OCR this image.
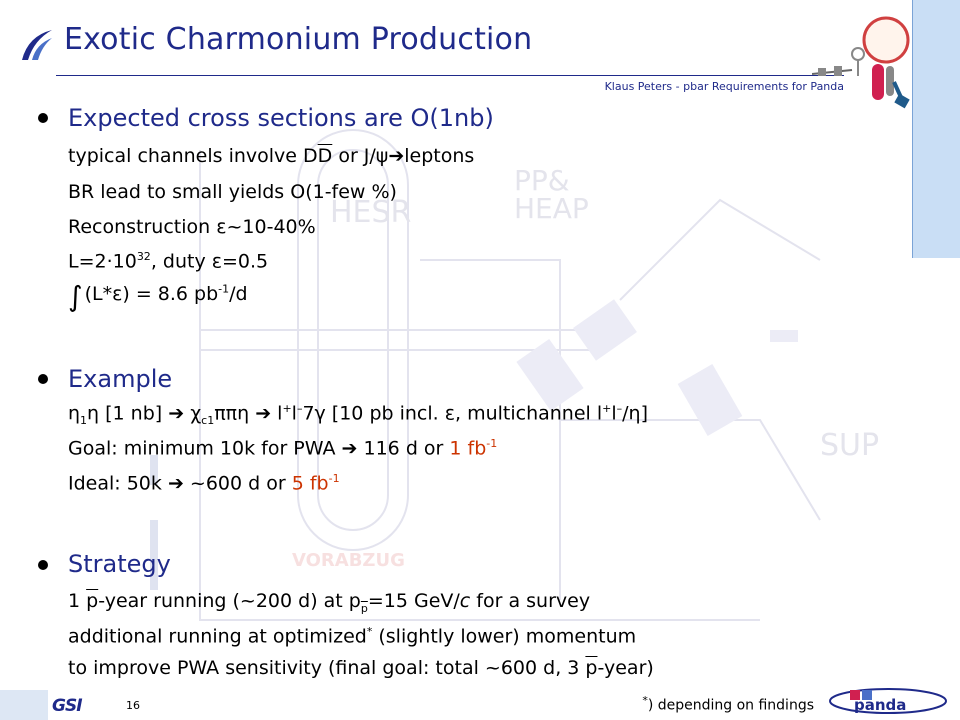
HESR
PP&
HEAP
SUP
VORABZUG
Exotic Charmonium Production
Klaus Peters - pbar Requirements for Panda
Expected cross sections are O(1nb)
typical channels involve $D\overline{D}$ or J/ψ➔leptons
BR lead to small yields O(1-few %)
Reconstruction ε~10-40%
$L=2\cdot 10^{32}$, duty ε=0.5
∫ (L*ε) = 8.6 $pb^{-1}/d$
Example
$\eta_1\eta$ [1 nb] ➔ $\chi_{c1}\pi\pi\eta$ ➔ l+l–7γ [10 pb incl. ε, multichannel l+l–/η]
Goal: minimum 10k for PWA ➔ 116 d or 1 $fb^{-1}$
Ideal: 50k ➔ ~600 d or 5 $fb^{-1}$
Strategy
1 $\overline{p}$-year running (~200 d) at $p_{\overline{p}}=15$ GeV/c for a survey
additional running at optimized* (slightly lower) momentum
to improve PWA sensitivity (final goal: total ~600 d, 3 $\overline{p}-year$)
GSI	16	*) depending on findings	panda
